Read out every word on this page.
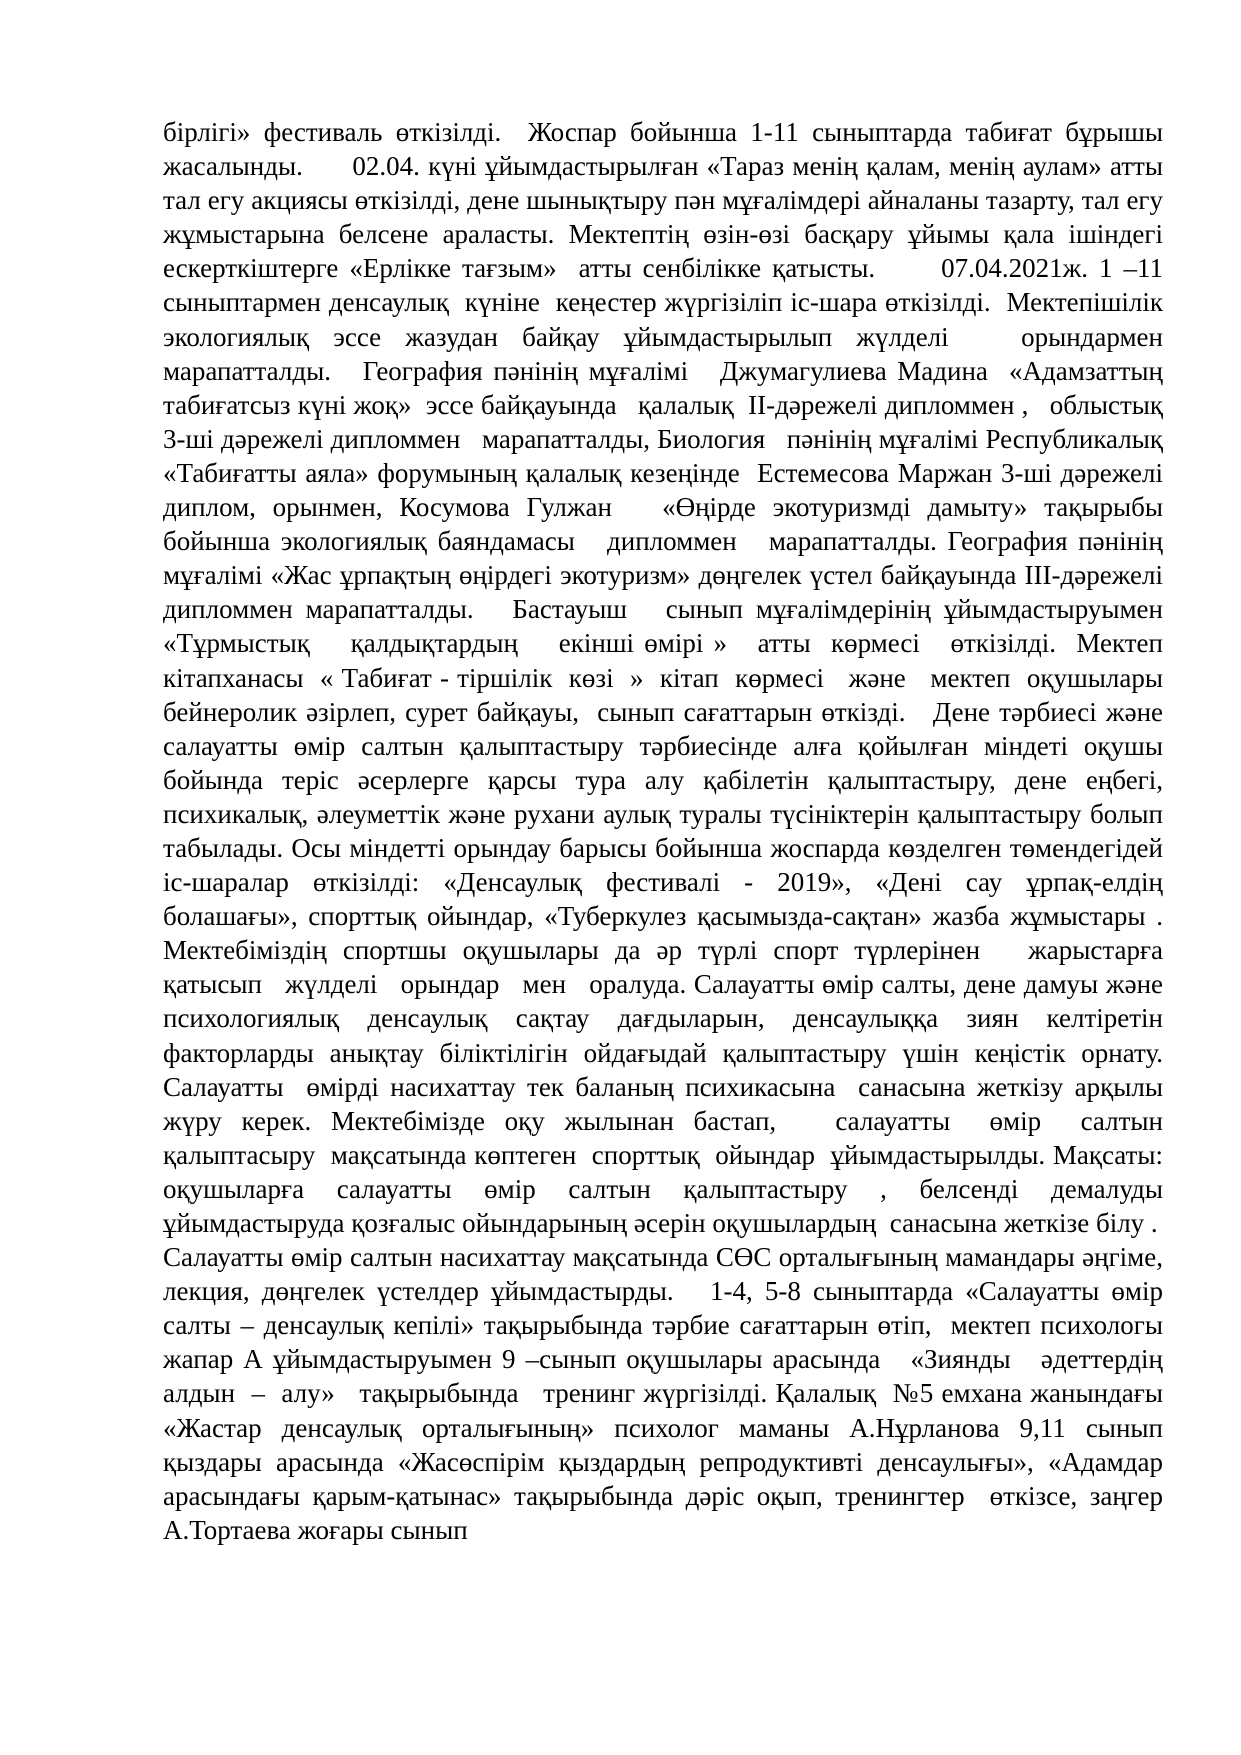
бірлігі» фестиваль өткізілді.  Жоспар бойынша 1-11 сыныптарда табиғат бұрышы жасалынды.      02.04. күні ұйымдастырылған «Тараз менің қалам, менің аулам» атты тал егу акциясы өткізілді, дене шынықтыру пән мұғалімдері айналаны тазарту, тал егу жұмыстарына белсене араласты. Мектептің өзін-өзі басқару ұйымы қала ішіндегі ескерткіштерге «Ерлікке тағзым»  атты сенбілікке қатысты.      07.04.2021ж. 1 –11 сыныптармен денсаулық  күніне  кеңестер жүргізіліп іс-шара өткізілді.  Мектепішілік   экологиялық эссе жазудан байқау ұйымдастырылып жүлделі   орындармен марапатталды.   География пәнінің мұғалімі   Джумагулиева Мадина  «Адамзаттың табиғатсыз күні жоқ»  эссе байқауында   қалалық  ІІ-дәрежелі дипломмен ,   облыстық 3-ші дәрежелі дипломмен   марапатталды, Биология   пәнінің мұғалімі Республикалық «Табиғатты аяла» форумының қалалық кезеңінде  Естемесова Маржан 3-ші дәрежелі диплом, орынмен, Косумова Гулжан   «Өңірде экотуризмді дамыту» тақырыбы бойынша экологиялық баяндамасы   дипломмен   марапатталды. География пәнінің мұғалімі «Жас ұрпақтың өңірдегі экотуризм» дөңгелек үстел байқауында ІІІ-дәрежелі дипломмен марапатталды.   Бастауыш   сынып мұғалімдерінің ұйымдастыруымен  «Тұрмыстық    қалдықтардың    екінші өмірі »   атты  көрмесі   өткізілді.  Мектеп  кітапханасы  « Табиғат - тіршілік  көзі  »  кітап  көрмесі   және   мектеп  оқушылары бейнеролик әзірлеп, сурет байқауы,  сынып сағаттарын өткізді.   Дене тәрбиесі және салауатты өмір салтын қалыптастыру тәрбиесінде алға қойылған міндеті оқушы бойында теріс әсерлерге қарсы тура алу қабілетін қалыптастыру, дене еңбегі, психикалық, әлеуметтік және рухани аулық туралы түсініктерін қалыптастыру болып табылады. Осы міндетті орындау барысы бойынша жоспарда көзделген төмендегідей іс-шаралар өткізілді: «Денсаулық фестивалі - 2019», «Дені сау ұрпақ-елдің болашағы», спорттық ойындар, «Туберкулез қасымызда-сақтан» жазба жұмыстары . Мектебіміздің спортшы оқушылары да әр түрлі спорт түрлерінен   жарыстарға   қатысып   жүлделі   орындар   мен   оралуда. Салауатты өмір салты, дене дамуы және психологиялық денсаулық сақтау дағдыларын, денсаулыққа зиян келтіретін факторларды анықтау біліктілігін ойдағыдай қалыптастыру үшін кеңістік орнату.  Салауатты  өмірді насихаттау тек баланың психикасына  санасына жеткізу арқылы жүру керек. Мектебімізде оқу жылынан бастап,   салауатты  өмір  салтын  қалыптасыру  мақсатында көптеген  спорттық  ойындар  ұйымдастырылды. Мақсаты:  оқушыларға салауатты өмір салтын қалыптастыру , белсенді демалуды ұйымдастыруда қозғалыс ойындарының әсерін оқушылардың  санасына жеткізе білу .

Салауатты өмір салтын насихаттау мақсатында СӨС орталығының мамандары әңгіме, лекция, дөңгелек үстелдер ұйымдастырды.   1-4, 5-8 сыныптарда «Салауатты өмір салты – денсаулық кепілі» тақырыбында тәрбие сағаттарын өтіп,  мектеп психологы  жапар А ұйымдастыруымен 9 –сынып оқушылары арасында   «Зиянды   әдеттердің   алдын  –  алу»   тақырыбында   тренинг жүргізілді. Қалалық  №5 емхана жанындағы «Жастар денсаулық орталығының» психолог маманы А.Нұрланова 9,11 сынып қыздары арасында «Жасөспірім қыздардың репродуктивті денсаулығы», «Адамдар арасындағы қарым-қатынас» тақырыбында дәріс оқып, тренингтер  өткізсе, заңгер А.Тортаева жоғары сынып
